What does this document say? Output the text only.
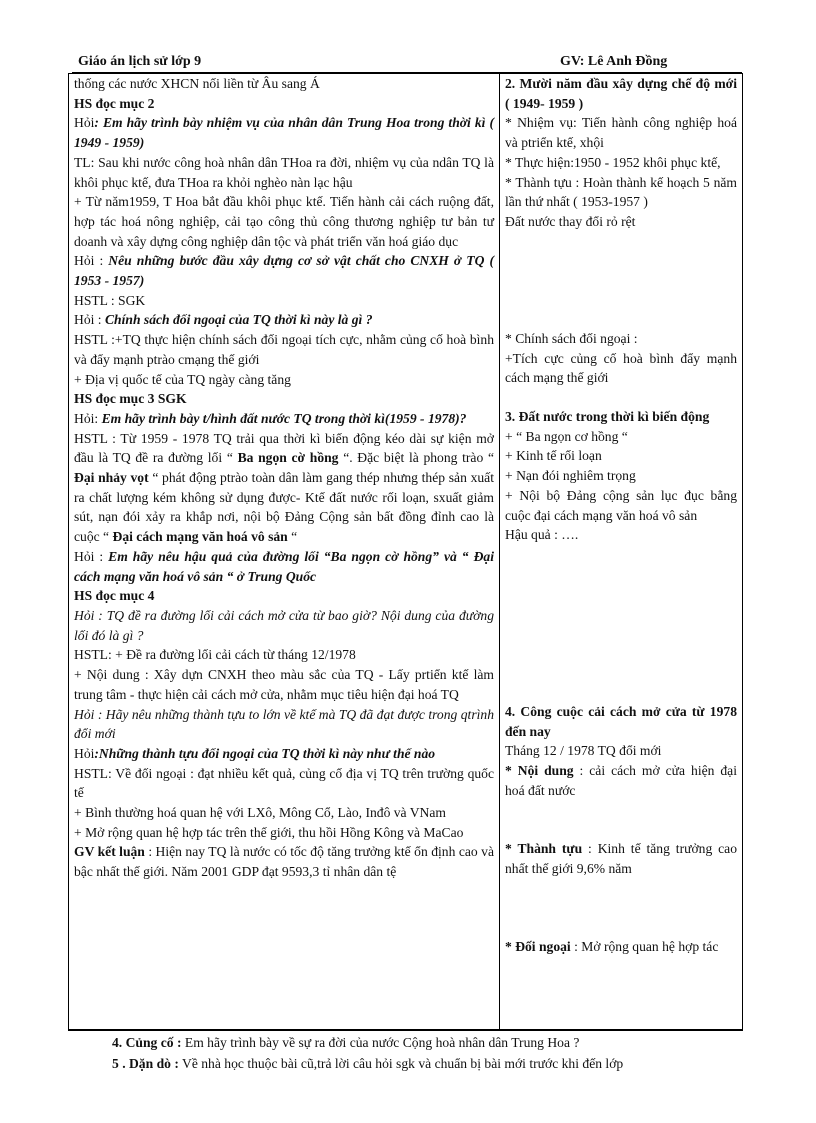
Giáo án lịch sử lớp 9	GV: Lê Anh Đồng
thống các nước XHCN nối liền từ Âu sang Á
HS đọc mục 2
Hỏi: Em hãy trình bày nhiệm vụ của nhân dân Trung Hoa trong thời kì ( 1949 - 1959)
TL: Sau khi nước công hoà nhân dân THoa ra đời, nhiệm vụ của ndân TQ là khôi phục ktế, đưa THoa ra khỏi nghèo nàn lạc hậu
+ Từ năm1959, T Hoa bắt đầu khôi phục ktế. Tiến hành cải cách ruộng đất, hợp tác hoá nông nghiệp, cải tạo công thủ công thương nghiệp tư bản tư doanh và xây dựng công nghiệp dân tộc và phát triển văn hoá giáo dục
Hỏi : Nêu những bước đầu xây dựng cơ sở vật chất cho CNXH ở TQ ( 1953 - 1957)
HSTL : SGK
Hỏi : Chính sách đối ngoại của TQ thời kì này là gì ?
HSTL :+TQ thực hiện chính sách đối ngoại tích cực, nhằm củng cố hoà bình và đẩy mạnh ptrào cmạng thế giới
+ Địa vị quốc tế của TQ ngày càng tăng
HS đọc mục 3 SGK
Hỏi: Em hãy trình bày t/hình đất nước TQ trong thời kì(1959 - 1978)?
HSTL : Từ 1959 - 1978 TQ trải qua thời kì biến động kéo dài sự kiện mở đầu là TQ đề ra đường lối “ Ba ngọn cờ hồng “. Đặc biệt là phong trào “ Đại nhảy vọt “ phát động ptrào toàn dân làm gang thép nhưng thép sản xuất ra chất lượng kém không sử dụng được- Ktế đất nước rối loạn, sxuất giảm sút, nạn đói xảy ra khắp nơi, nội bộ Đảng Cộng sản bất đồng đỉnh cao là cuộc “ Đại cách mạng văn hoá vô sản “
Hỏi : Em hãy nêu hậu quả của đường lối “Ba ngọn cờ hồng” và “ Đại cách mạng văn hoá vô sản “ ở Trung Quốc
HS đọc mục 4
Hỏi : TQ đề ra đường lối cải cách mở cửa từ bao giờ? Nội dung của đường lối đó là gì ?
HSTL: + Đề ra đường lối cải cách từ tháng 12/1978
+ Nội dung : Xây dựn CNXH theo màu sắc của TQ - Lấy prtiển ktế làm trung tâm - thực hiện cải cách mở cửa, nhằm mục tiêu hiện đại hoá TQ
Hỏi : Hãy nêu những thành tựu to lớn về ktế mà TQ đã đạt được trong qtrình đổi mới
Hỏi:Những thành tựu đối ngoại của TQ thời kì này như thế nào
HSTL: Về đối ngoại : đạt nhiều kết quả, củng cố địa vị TQ trên trường quốc tế
+ Bình thường hoá quan hệ với LXô, Mông Cổ, Lào, Inđô và VNam
+ Mở rộng quan hệ hợp tác trên thế giới, thu hồi Hồng Kông và MaCao
GV kết luận : Hiện nay TQ là nước có tốc độ tăng trưởng ktế ổn định cao và bậc nhất thế giới. Năm 2001 GDP đạt 9593,3 tỉ nhân dân tệ
2. Mười năm đầu xây dựng chế độ mới ( 1949- 1959 )
* Nhiệm vụ: Tiến hành công nghiệp hoá và ptriển ktế, xhội
* Thực hiện:1950 - 1952 khôi phục ktế,
* Thành tựu : Hoàn thành kế hoạch 5 năm lần thứ nhất ( 1953-1957 )
Đất nước thay đổi rỏ rệt
* Chính sách đối ngoại :
+Tích cực củng cố hoà bình đẩy mạnh cách mạng thế giới
3. Đất nước trong thời kì biến động
+ “ Ba ngọn cơ hồng “
+ Kinh tế rối loạn
+ Nạn đói nghiêm trọng
+ Nội bộ Đảng cộng sản lục đục bằng cuộc đại cách mạng văn hoá vô sản
Hậu quả : ….
4. Công cuộc cải cách mở cửa từ 1978 đến nay
Tháng 12 / 1978 TQ đổi mới
* Nội dung : cải cách mở cửa hiện đại hoá đất nước
* Thành tựu : Kinh tế tăng trưởng cao nhất thế giới 9,6% năm
* Đối ngoại : Mở rộng quan hệ hợp tác
4. Củng cố : Em hãy trình bày về sự ra đời của nước Cộng hoà nhân dân Trung Hoa ?
5 . Dặn dò : Về nhà học thuộc bài cũ,trả lời câu hỏi sgk và chuẩn bị bài mới trước khi đến lớp
